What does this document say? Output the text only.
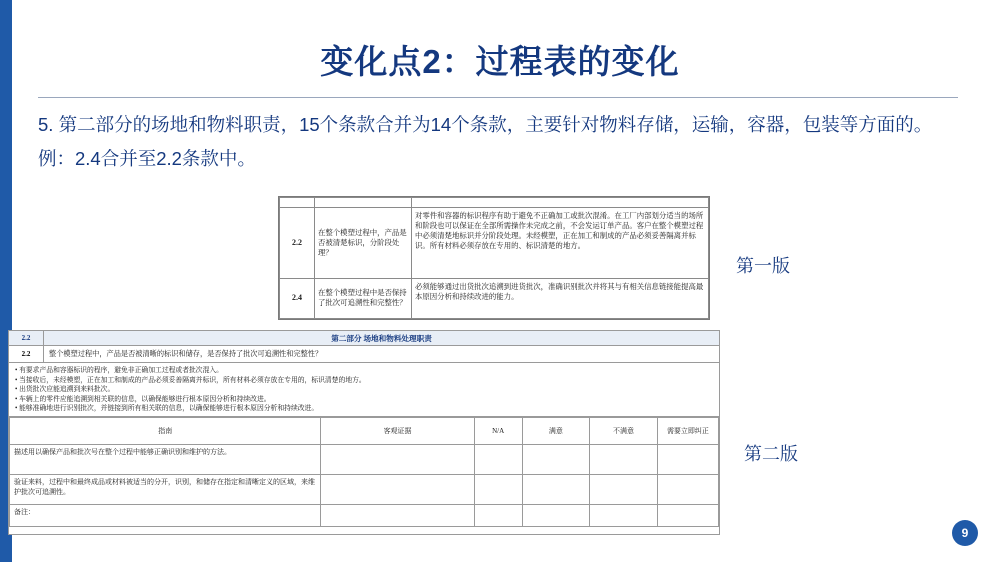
变化点2：过程表的变化
5. 第二部分的场地和物料职责，15个条款合并为14个条款，主要针对物料存储，运输，容器，包装等方面的。例：2.4合并至2.2条款中。

2.2	在整个模塑过程中，产品是否被清楚标识，分阶段处理？	对零件和容器的标识程序有助于避免不正确加工或批次混淆。在工厂内部划分适当的场所和阶段也可以保证在全部所需操作未完成之前，不会发运订单产品。客户在整个模塑过程中必须清楚地标识并分阶段处理。未经模塑，正在加工和制成的产品必须妥善隔离并标识。所有材料必须存放在专用的、标识清楚的地方。
2.4	在整个模塑过程中是否保持了批次可追溯性和完整性？	必须能够通过出货批次追溯到进货批次，准确识别批次并将其与有相关信息链接能提高最本原因分析和持续改进的能力。
第一版
2.2	第二部分 场地和物料处理职责
2.2	整个模塑过程中，产品是否被清晰的标识和储存，是否保持了批次可追溯性和完整性？
• 有要求产品和容器标识的程序，避免非正确加工过程或者批次混入。
• 当接收后，未经模塑，正在加工和制成的产品必须妥善隔离并标识，所有材料必须存放在专用的，标识清楚的地方。
• 出货批次应能追溯到来料批次。
• 车辆上的零件应能追溯到相关联的信息，以确保能够进行根本原因分析和持续改进。
• 能够准确地进行识别批次，并链接到所有相关联的信息，以确保能够进行根本原因分析和持续改进。
指南	客观证据	N/A	满意	不满意	需要立即纠正
描述用以确保产品和批次号在整个过程中能够正确识别和维护的方法。					
验证来料，过程中和最终成品或材料被适当的分开，识别，和储存在指定和清晰定义的区域，来维护批次可追溯性。					
备注：					
第二版
9
